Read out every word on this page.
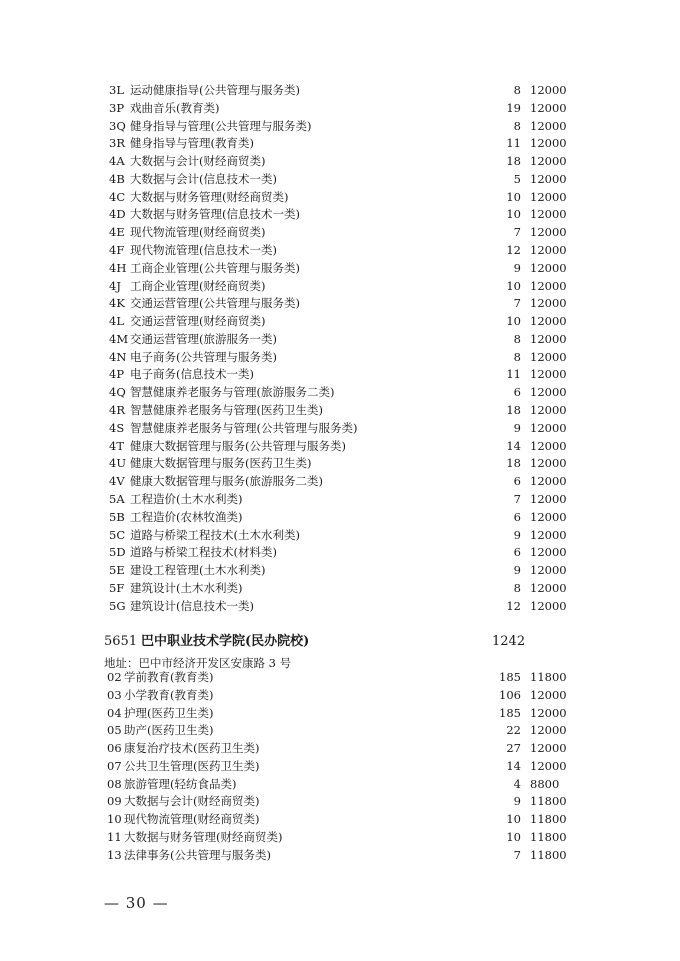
3L 运动健康指导(公共管理与服务类)	8 12000
3P 戏曲音乐(教育类)	19 12000
3Q 健身指导与管理(公共管理与服务类)	8 12000
3R 健身指导与管理(教育类)	11 12000
4A 大数据与会计(财经商贸类)	18 12000
4B 大数据与会计(信息技术一类)	5 12000
4C 大数据与财务管理(财经商贸类)	10 12000
4D 大数据与财务管理(信息技术一类)	10 12000
4E 现代物流管理(财经商贸类)	7 12000
4F 现代物流管理(信息技术一类)	12 12000
4H 工商企业管理(公共管理与服务类)	9 12000
4J 工商企业管理(财经商贸类)	10 12000
4K 交通运营管理(公共管理与服务类)	7 12000
4L 交通运营管理(财经商贸类)	10 12000
4M 交通运营管理(旅游服务一类)	8 12000
4N 电子商务(公共管理与服务类)	8 12000
4P 电子商务(信息技术一类)	11 12000
4Q 智慧健康养老服务与管理(旅游服务二类)	6 12000
4R 智慧健康养老服务与管理(医药卫生类)	18 12000
4S 智慧健康养老服务与管理(公共管理与服务类)	9 12000
4T 健康大数据管理与服务(公共管理与服务类)	14 12000
4U 健康大数据管理与服务(医药卫生类)	18 12000
4V 健康大数据管理与服务(旅游服务二类)	6 12000
5A 工程造价(土木水利类)	7 12000
5B 工程造价(农林牧渔类)	6 12000
5C 道路与桥梁工程技术(土木水利类)	9 12000
5D 道路与桥梁工程技术(材料类)	6 12000
5E 建设工程管理(土木水利类)	9 12000
5F 建筑设计(土木水利类)	8 12000
5G 建筑设计(信息技术一类)	12 12000
5651 巴中职业技术学院(民办院校)	1242
地址：巴中市经济开发区安康路 3 号
02 学前教育(教育类)	185 11800
03 小学教育(教育类)	106 12000
04 护理(医药卫生类)	185 12000
05 助产(医药卫生类)	22 12000
06 康复治疗技术(医药卫生类)	27 12000
07 公共卫生管理(医药卫生类)	14 12000
08 旅游管理(轻纺食品类)	4 8800
09 大数据与会计(财经商贸类)	9 11800
10 现代物流管理(财经商贸类)	10 11800
11 大数据与财务管理(财经商贸类)	10 11800
13 法律事务(公共管理与服务类)	7 11800
— 30 —
